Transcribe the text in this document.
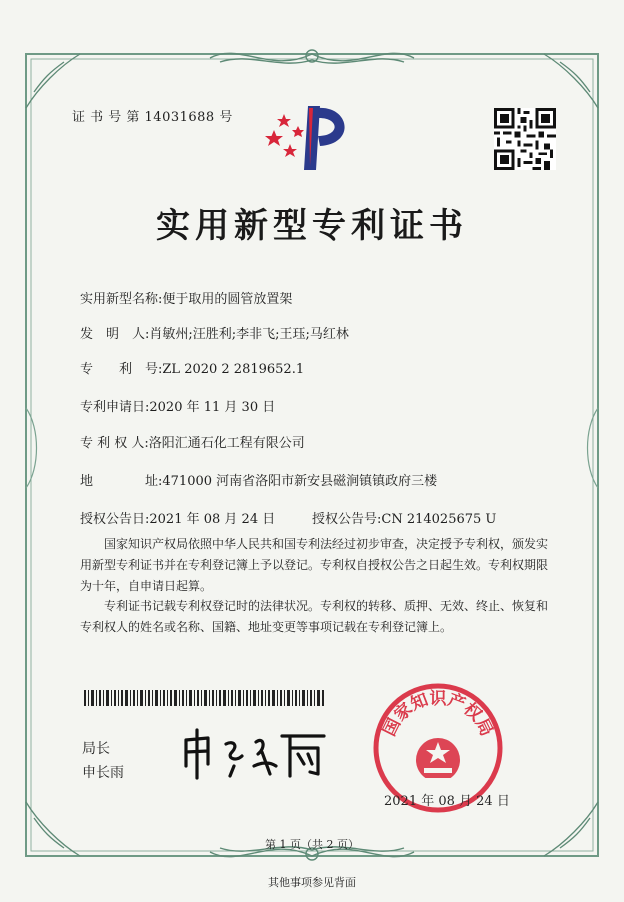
证 书 号 第 14031688 号
实用新型专利证书
实用新型名称:便于取用的圆管放置架
发　明　人:肖敏州;汪胜利;李非飞;王珏;马红林
专　　利　号:ZL 2020 2 2819652.1
专利申请日:2020 年 11 月 30 日
专 利 权 人:洛阳汇通石化工程有限公司
地　　　　址:471000 河南省洛阳市新安县磁涧镇镇政府三楼
授权公告日:2021 年 08 月 24 日	授权公告号:CN 214025675 U
国家知识产权局依照中华人民共和国专利法经过初步审查，决定授予专利权，颁发实用新型专利证书并在专利登记簿上予以登记。专利权自授权公告之日起生效。专利权期限为十年，自申请日起算。
专利证书记载专利权登记时的法律状况。专利权的转移、质押、无效、终止、恢复和专利权人的姓名或名称、国籍、地址变更等事项记载在专利登记簿上。
局长
申长雨
国家知识产权局
2021 年 08 月 24 日
第 1 页（共 2 页）
其他事项参见背面
